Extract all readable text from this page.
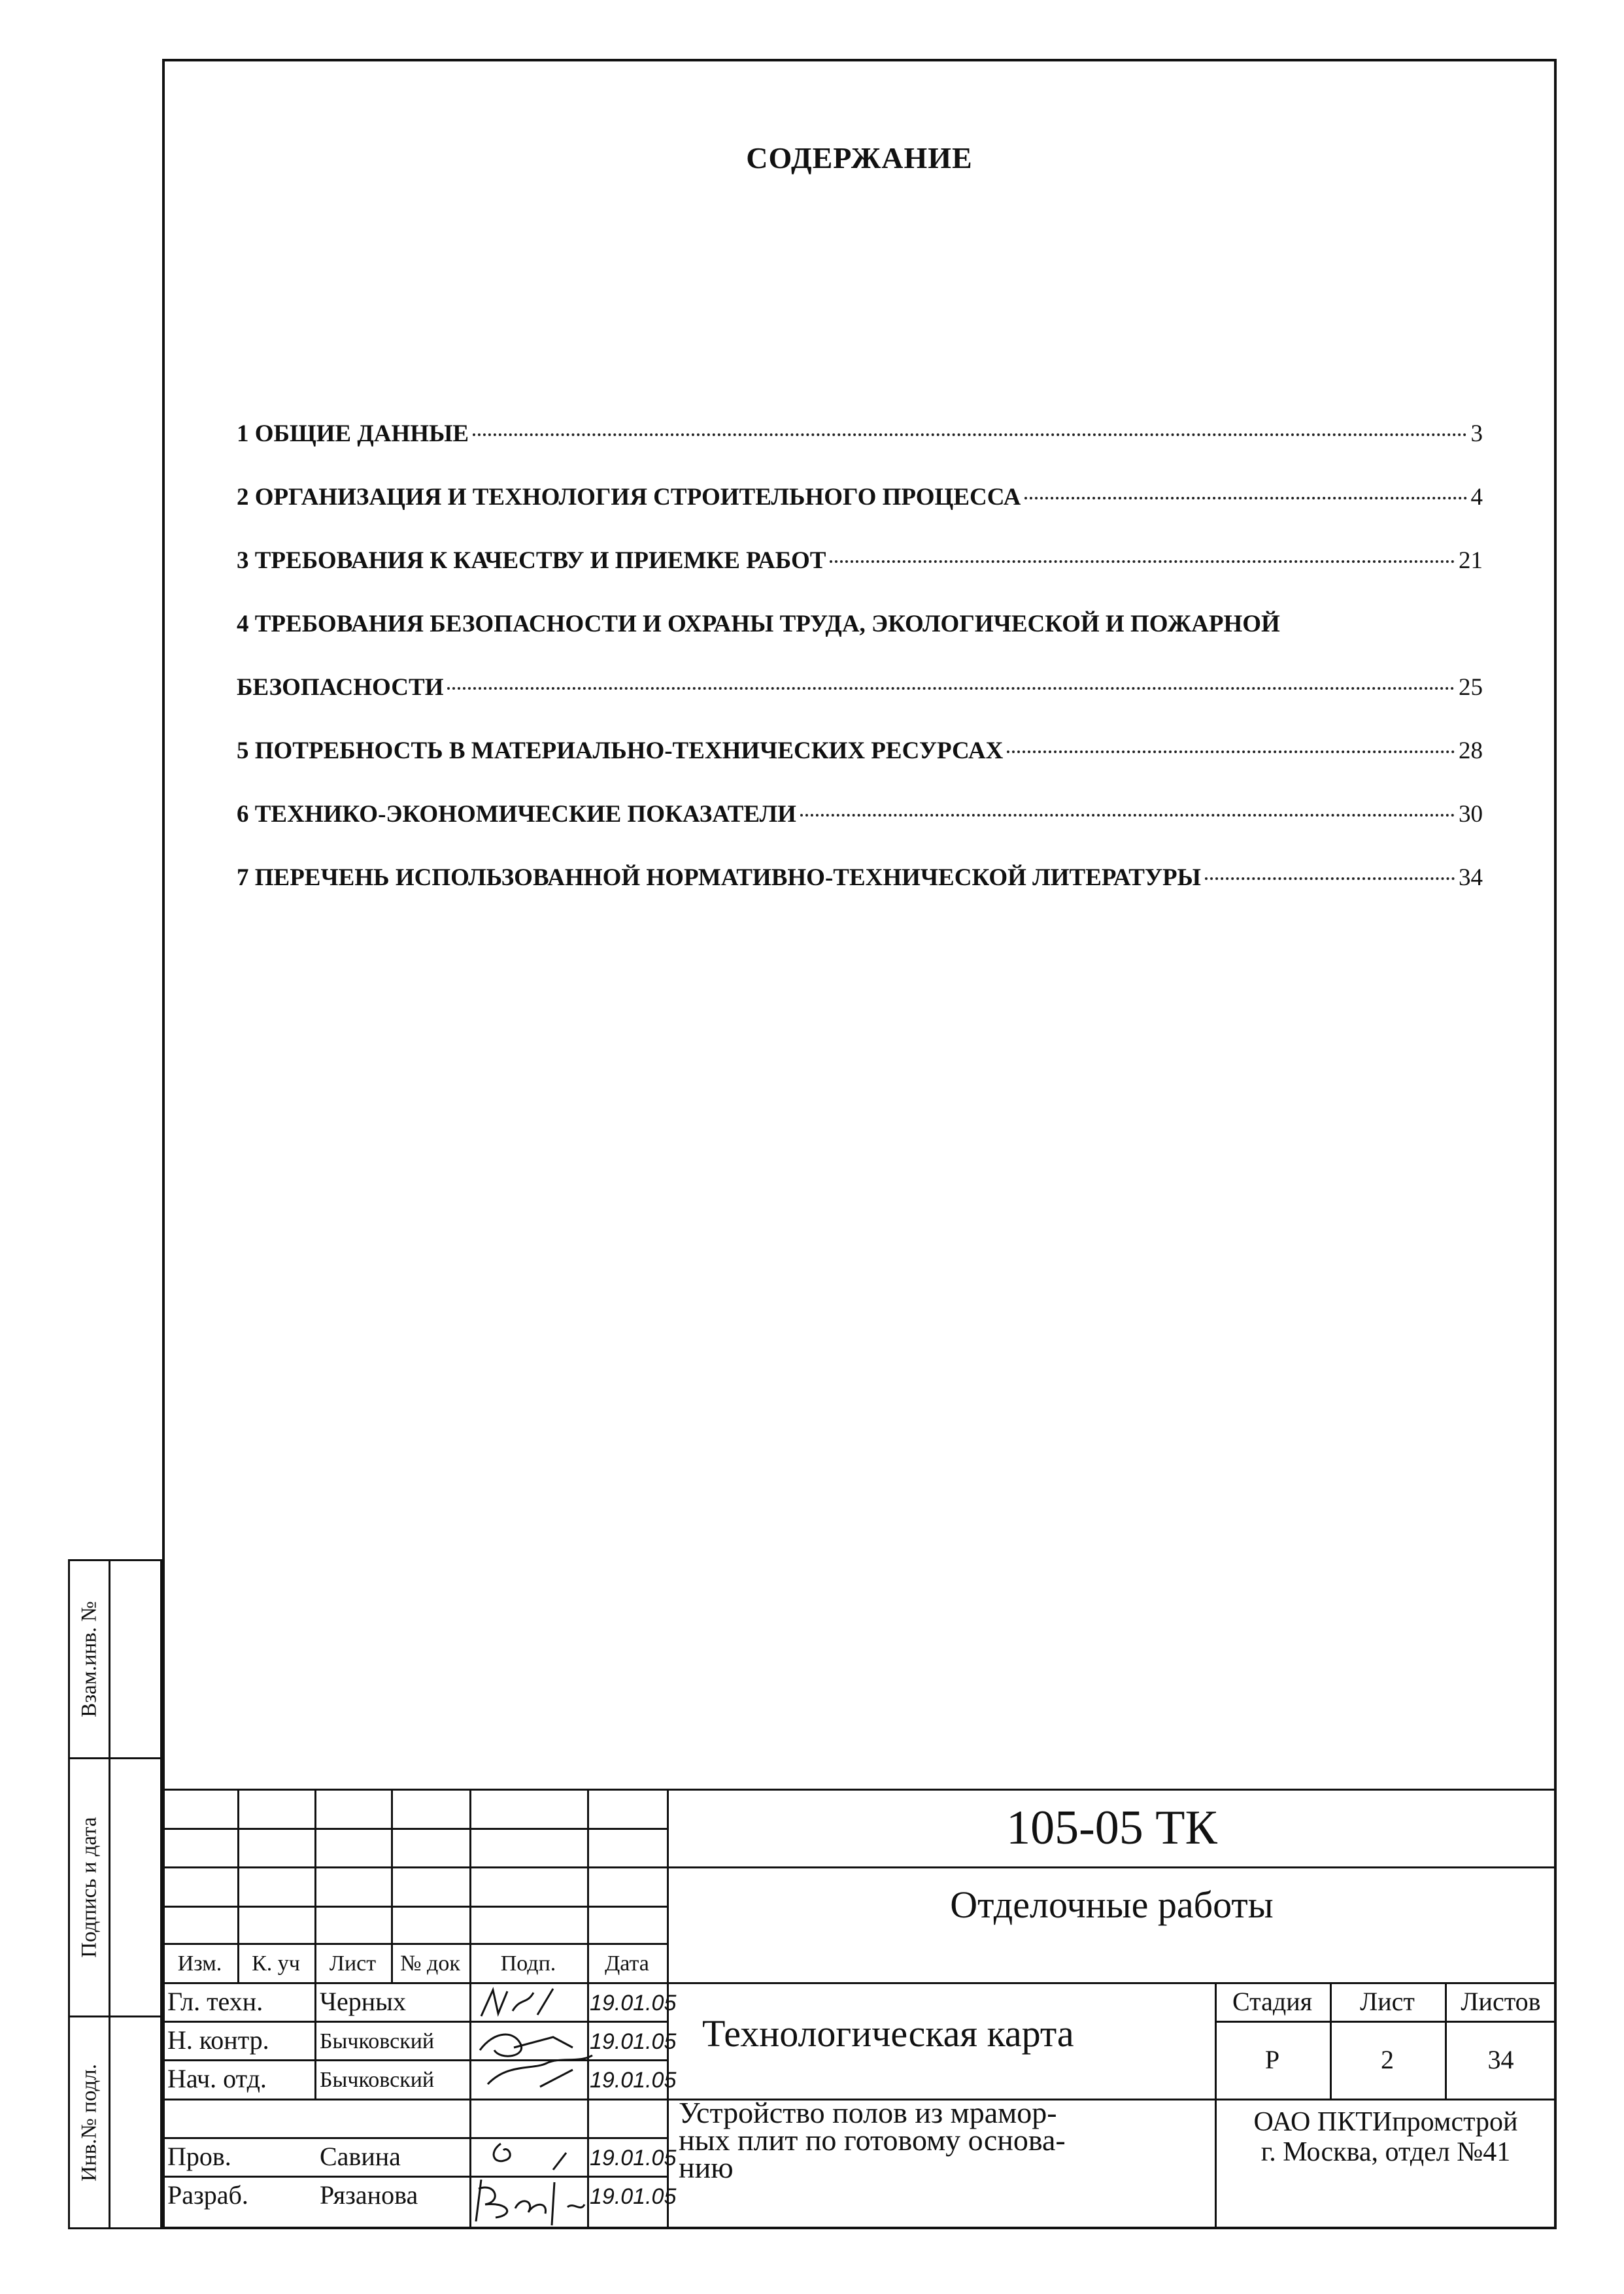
СОДЕРЖАНИЕ
1 ОБЩИЕ ДАННЫЕ	3
2 ОРГАНИЗАЦИЯ И ТЕХНОЛОГИЯ СТРОИТЕЛЬНОГО ПРОЦЕССА	4
3 ТРЕБОВАНИЯ К КАЧЕСТВУ И ПРИЕМКЕ РАБОТ	21
4 ТРЕБОВАНИЯ БЕЗОПАСНОСТИ И ОХРАНЫ ТРУДА, ЭКОЛОГИЧЕСКОЙ И ПОЖАРНОЙ
БЕЗОПАСНОСТИ	25
5 ПОТРЕБНОСТЬ В МАТЕРИАЛЬНО-ТЕХНИЧЕСКИХ РЕСУРСАХ	28
6 ТЕХНИКО-ЭКОНОМИЧЕСКИЕ ПОКАЗАТЕЛИ	30
7 ПЕРЕЧЕНЬ ИСПОЛЬЗОВАННОЙ НОРМАТИВНО-ТЕХНИЧЕСКОЙ ЛИТЕРАТУРЫ	34
Взам.инв. №
Подпись и дата
Инв.№ подл.
105-05 ТК
Отделочные работы
Технологическая карта
Устройство полов из мрамор-
ных плит по готовому основа-
нию
ОАО ПКТИпромстрой
г. Москва, отдел №41
Стадия	Лист	Листов
Р	2	34
Изм.	К. уч	Лист	№ док	Подп.	Дата
Гл. техн. Черных	19.01.05
Н. контр. Бычковский	19.01.05
Нач. отд. Бычковский	19.01.05
Пров.	Савина	19.01.05
Разраб.	Рязанова	19.01.05
